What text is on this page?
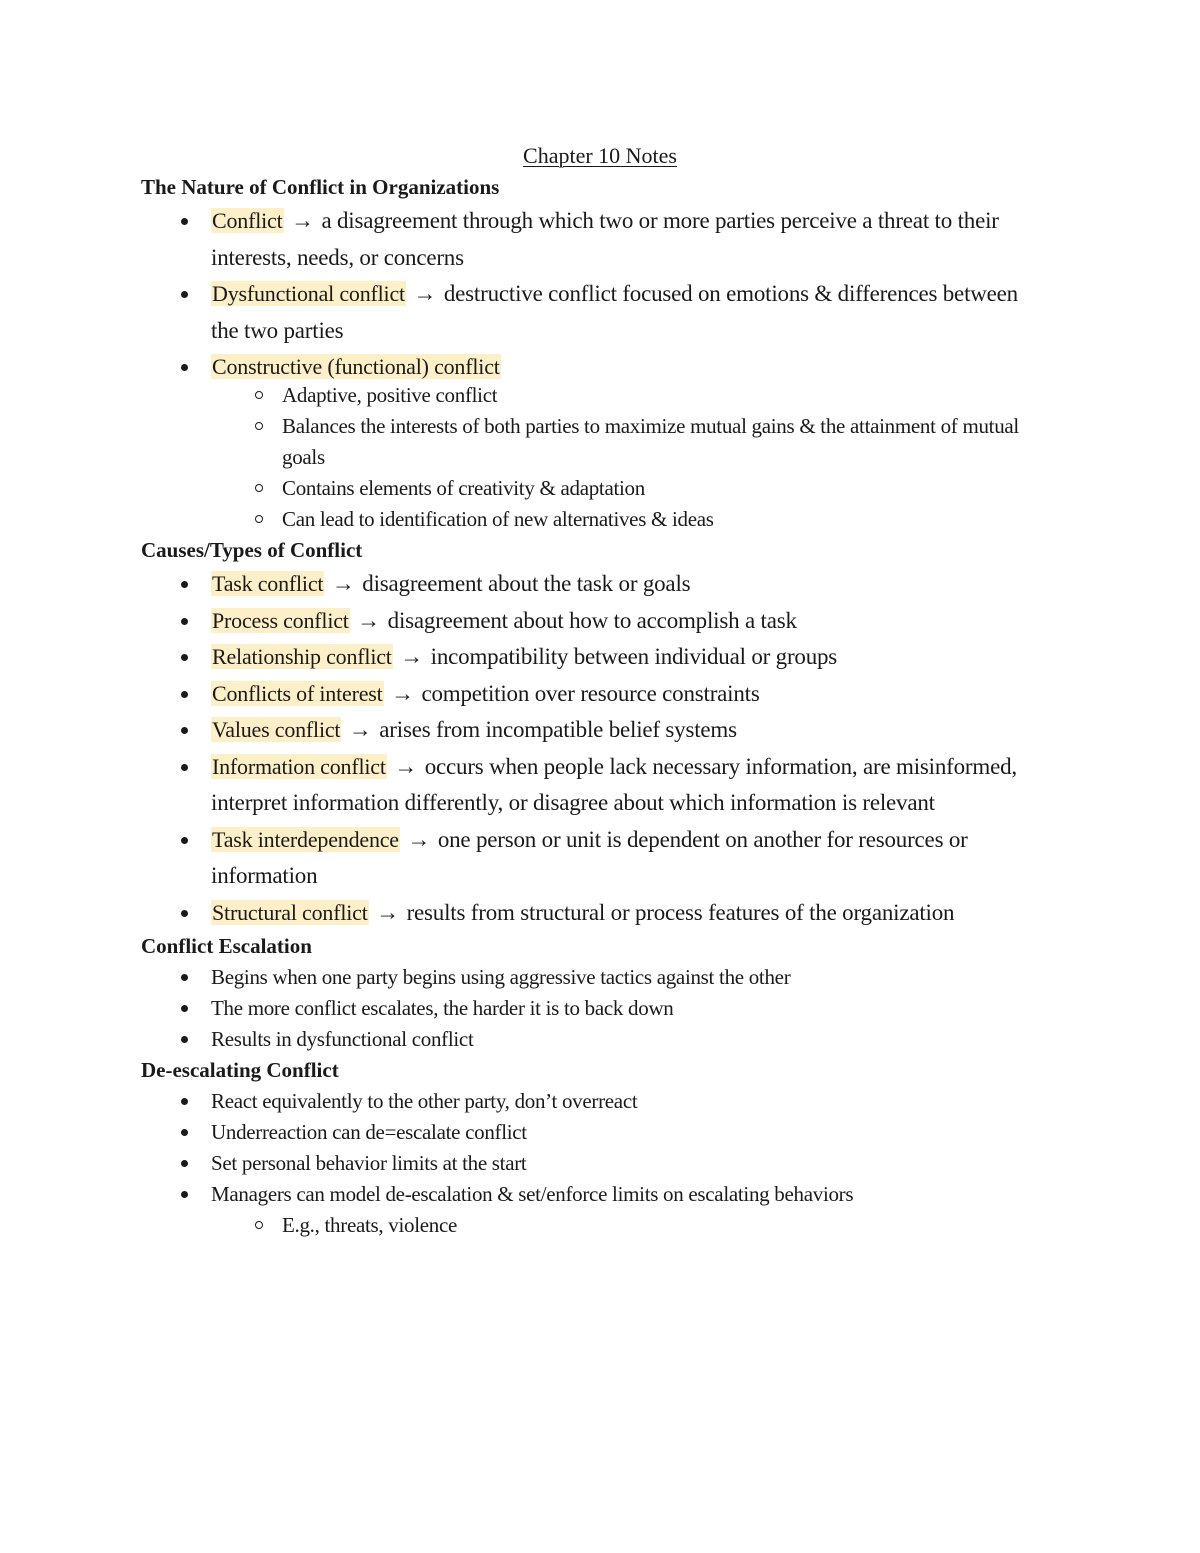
Chapter 10 Notes
The Nature of Conflict in Organizations
Conflict → a disagreement through which two or more parties perceive a threat to their interests, needs, or concerns
Dysfunctional conflict → destructive conflict focused on emotions & differences between the two parties
Constructive (functional) conflict
Adaptive, positive conflict
Balances the interests of both parties to maximize mutual gains & the attainment of mutual goals
Contains elements of creativity & adaptation
Can lead to identification of new alternatives & ideas
Causes/Types of Conflict
Task conflict → disagreement about the task or goals
Process conflict → disagreement about how to accomplish a task
Relationship conflict → incompatibility between individual or groups
Conflicts of interest → competition over resource constraints
Values conflict → arises from incompatible belief systems
Information conflict → occurs when people lack necessary information, are misinformed, interpret information differently, or disagree about which information is relevant
Task interdependence → one person or unit is dependent on another for resources or information
Structural conflict → results from structural or process features of the organization
Conflict Escalation
Begins when one party begins using aggressive tactics against the other
The more conflict escalates, the harder it is to back down
Results in dysfunctional conflict
De-escalating Conflict
React equivalently to the other party, don’t overreact
Underreaction can de=escalate conflict
Set personal behavior limits at the start
Managers can model de-escalation & set/enforce limits on escalating behaviors
E.g., threats, violence
